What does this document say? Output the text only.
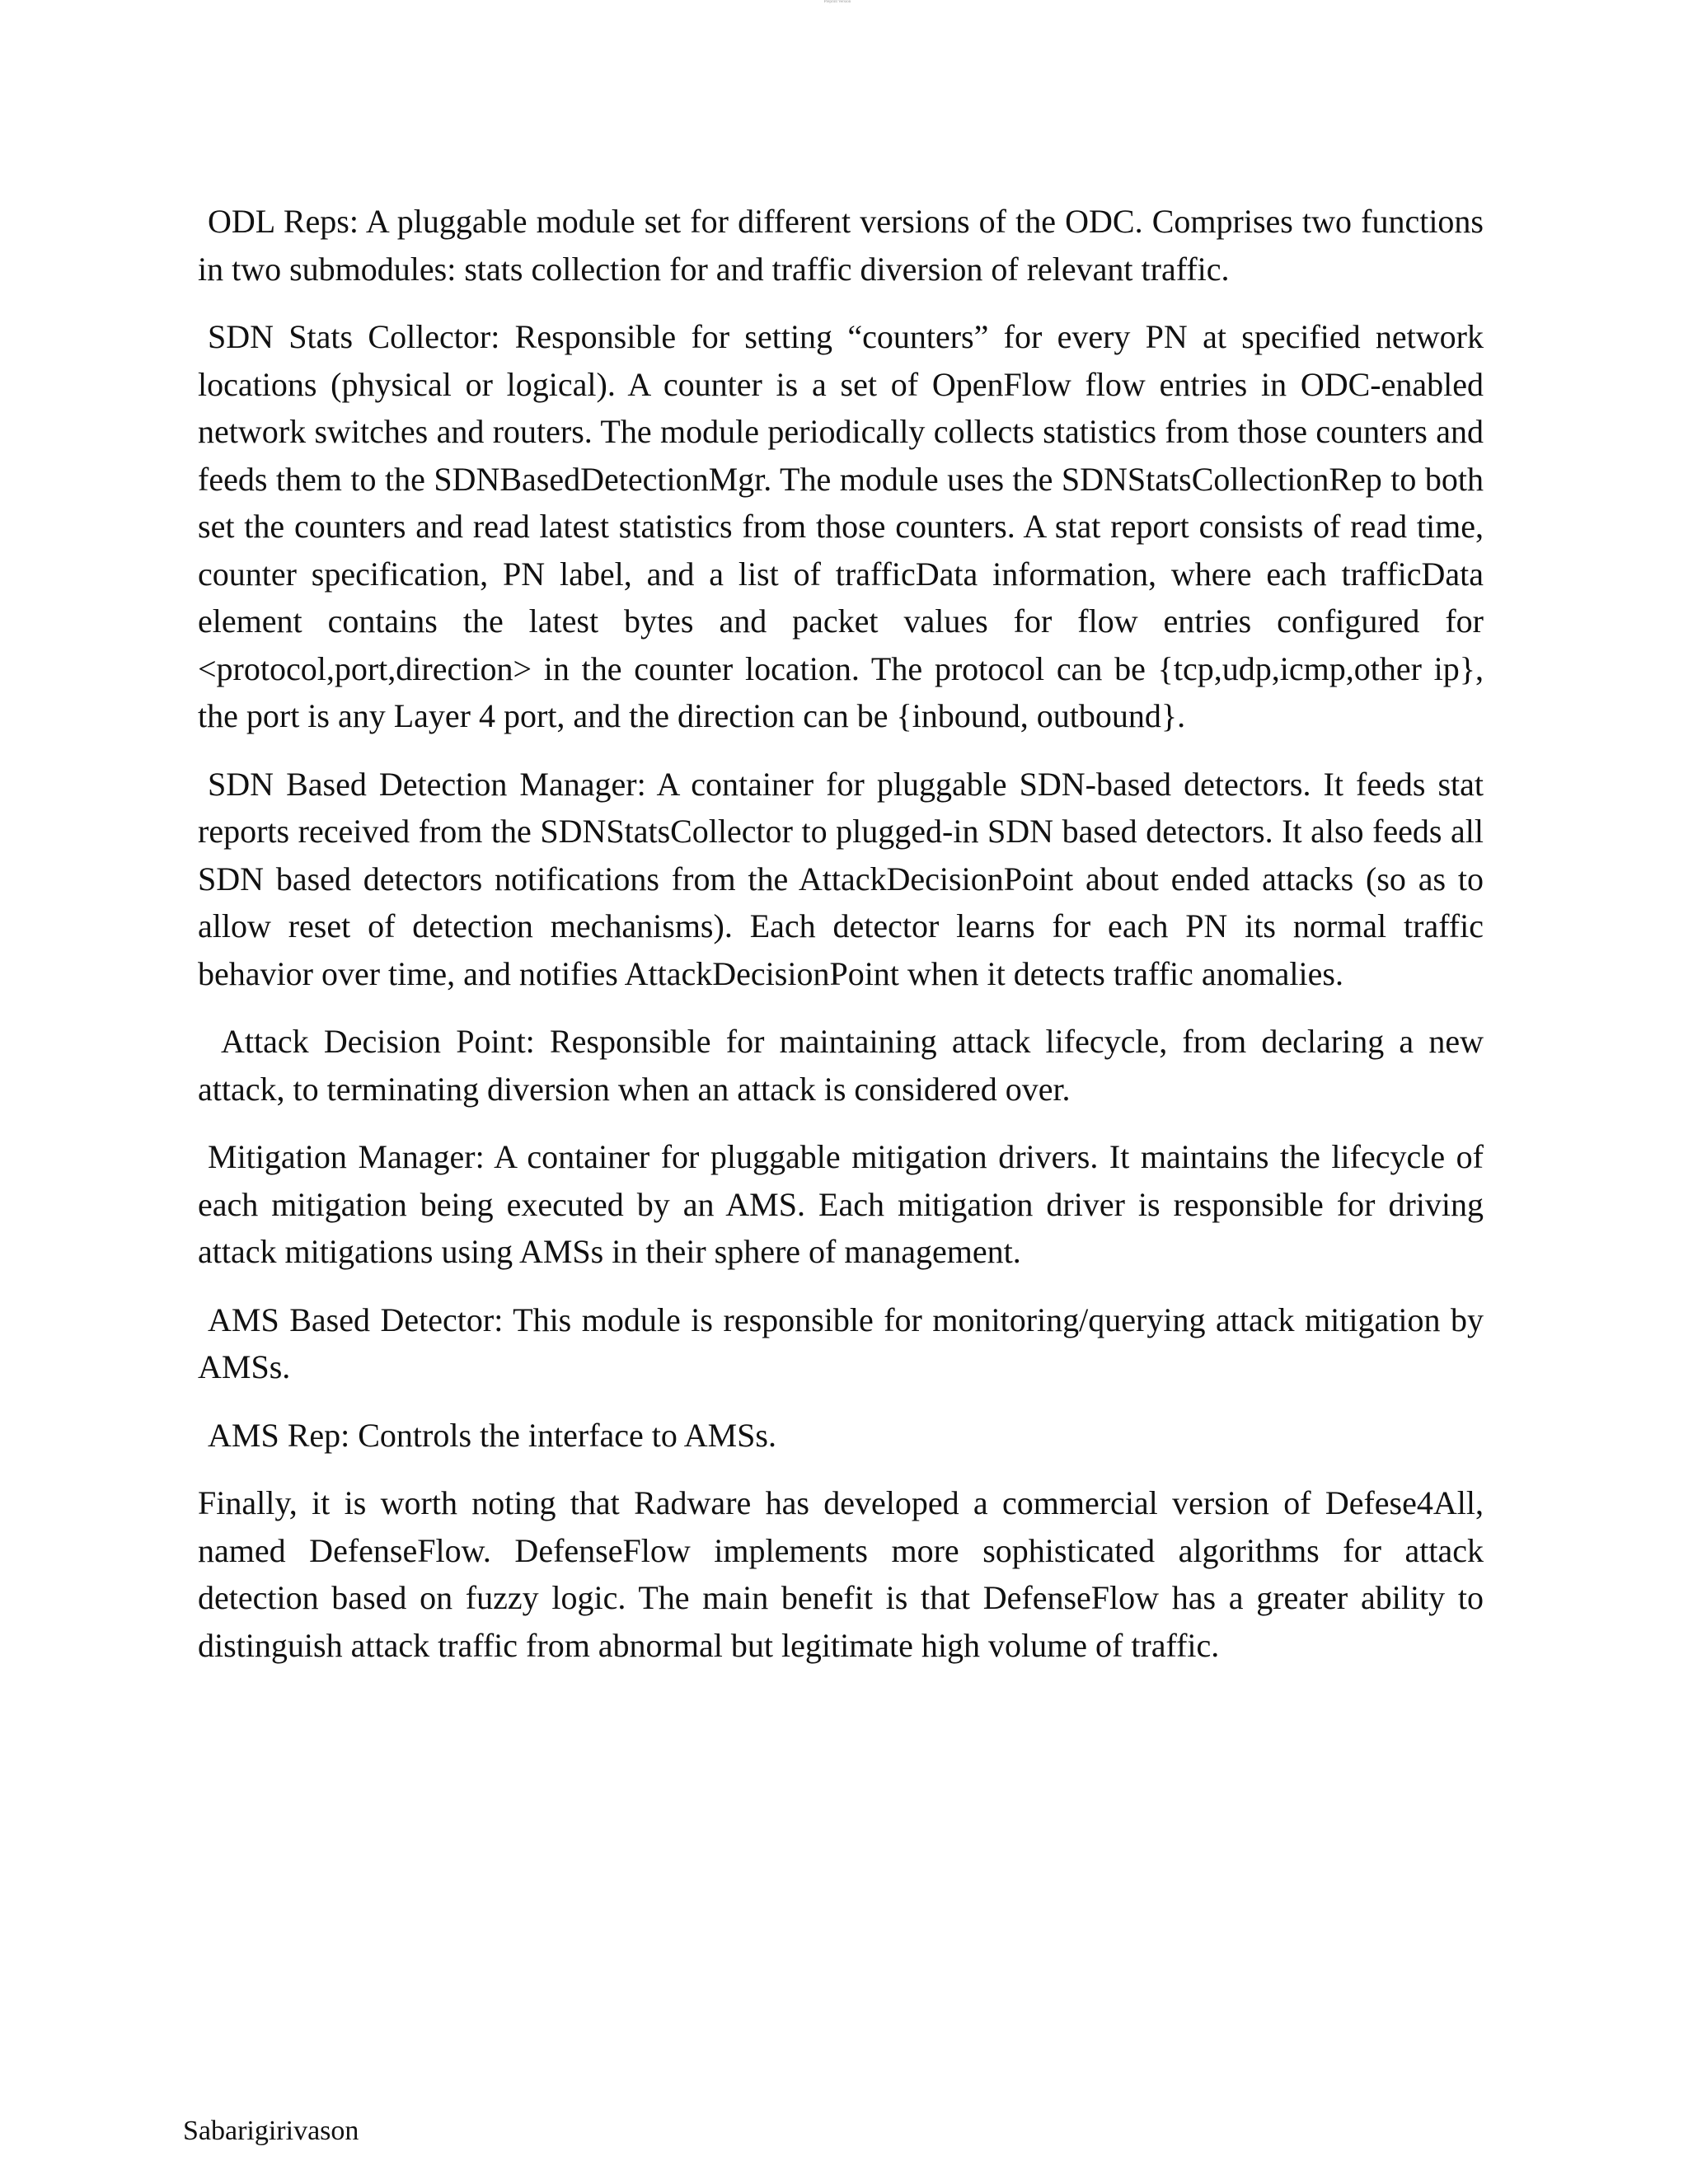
Preprint Version

ODL Reps: A pluggable module set for different versions of the ODC. Comprises two functions in two submodules: stats collection for and traffic diversion of relevant traffic.

SDN Stats Collector: Responsible for setting “counters” for every PN at specified network locations (physical or logical). A counter is a set of OpenFlow flow entries in ODC-enabled network switches and routers. The module periodically collects statistics from those counters and feeds them to the SDNBasedDetectionMgr. The module uses the SDNStatsCollectionRep to both set the counters and read latest statistics from those counters. A stat report consists of read time, counter specification, PN label, and a list of trafficData information, where each trafficData element contains the latest bytes and packet values for flow entries configured for <protocol,port,direction> in the counter location. The protocol can be {tcp,udp,icmp,other ip}, the port is any Layer 4 port, and the direction can be {inbound, outbound}.

SDN Based Detection Manager: A container for pluggable SDN-based detectors. It feeds stat reports received from the SDNStatsCollector to plugged-in SDN based detectors. It also feeds all SDN based detectors notifications from the AttackDecisionPoint about ended attacks (so as to allow reset of detection mechanisms). Each detector learns for each PN its normal traffic behavior over time, and notifies AttackDecisionPoint when it detects traffic anomalies.

Attack Decision Point: Responsible for maintaining attack lifecycle, from declaring a new attack, to terminating diversion when an attack is considered over.

Mitigation Manager: A container for pluggable mitigation drivers. It maintains the lifecycle of each mitigation being executed by an AMS. Each mitigation driver is responsible for driving attack mitigations using AMSs in their sphere of management.

AMS Based Detector: This module is responsible for monitoring/querying attack mitigation by AMSs.

AMS Rep: Controls the interface to AMSs.

Finally, it is worth noting that Radware has developed a commercial version of Defese4All, named DefenseFlow. DefenseFlow implements more sophisticated algorithms for attack detection based on fuzzy logic. The main benefit is that DefenseFlow has a greater ability to distinguish attack traffic from abnormal but legitimate high volume of traffic.

Sabarigirivason
